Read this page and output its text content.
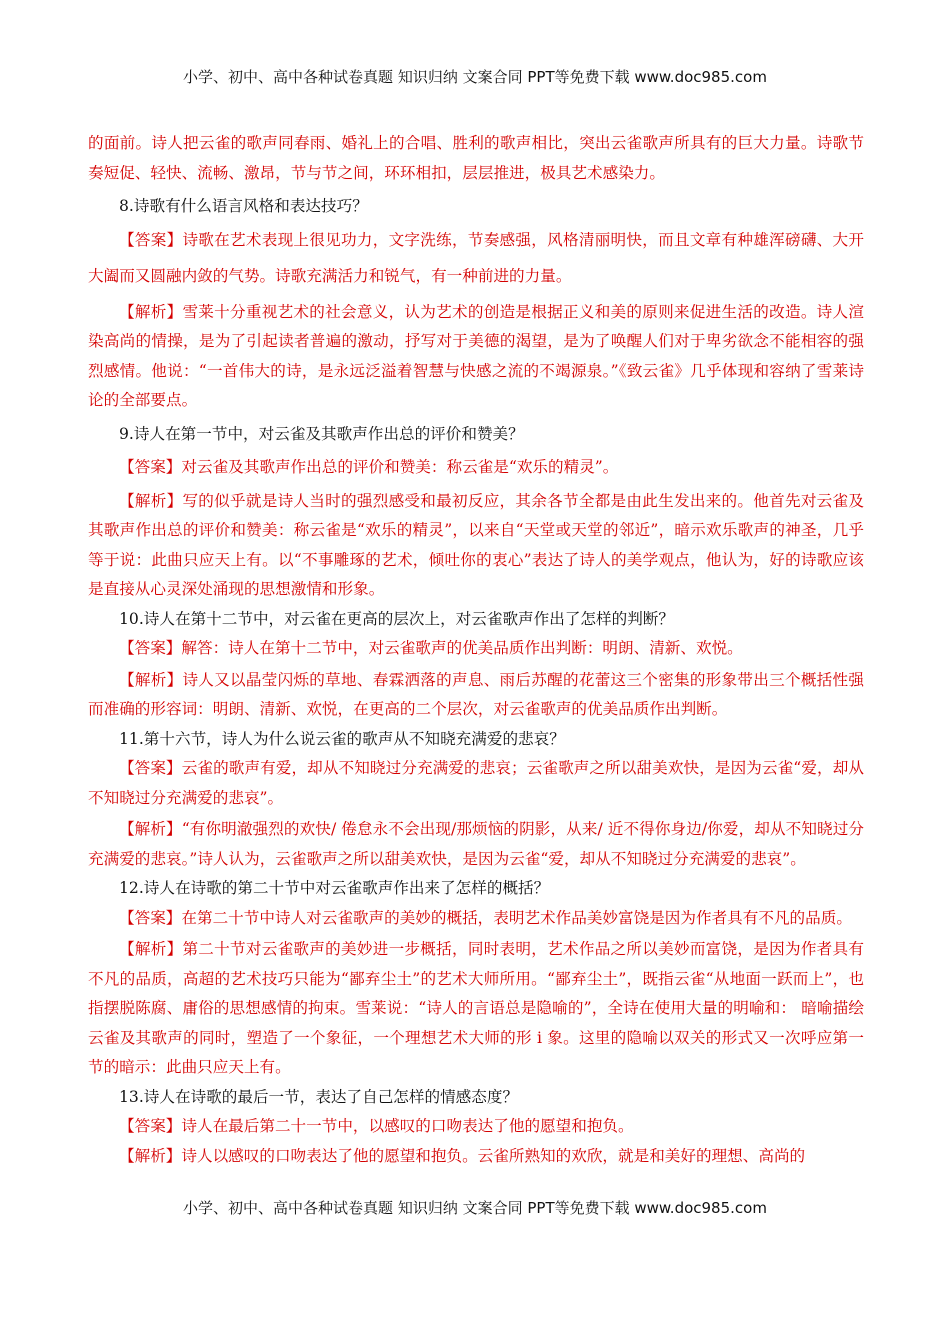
小学、初中、高中各种试卷真题 知识归纳 文案合同 PPT等免费下载 www.doc985.com

的面前。诗人把云雀的歌声同春雨、婚礼上的合唱、胜利的歌声相比，突出云雀歌声所具有的巨大力量。诗歌节奏短促、轻快、流畅、激昂，节与节之间，环环相扣，层层推进，极具艺术感染力。

8.诗歌有什么语言风格和表达技巧？

【答案】诗歌在艺术表现上很见功力，文字洗练，节奏感强，风格清丽明快，而且文章有种雄浑磅礴、大开大阖而又圆融内敛的气势。诗歌充满活力和锐气，有一种前进的力量。

【解析】雪莱十分重视艺术的社会意义，认为艺术的创造是根据正义和美的原则来促进生活的改造。诗人渲染高尚的情操，是为了引起读者普遍的激动，抒写对于美德的渴望，是为了唤醒人们对于卑劣欲念不能相容的强烈感情。他说：“一首伟大的诗，是永远泛溢着智慧与快感之流的不竭源泉。”《致云雀》几乎体现和容纳了雪莱诗论的全部要点。

9.诗人在第一节中，对云雀及其歌声作出总的评价和赞美？

【答案】对云雀及其歌声作出总的评价和赞美：称云雀是“欢乐的精灵”。

【解析】写的似乎就是诗人当时的强烈感受和最初反应，其余各节全都是由此生发出来的。他首先对云雀及其歌声作出总的评价和赞美：称云雀是“欢乐的精灵”，以来自“天堂或天堂的邻近”，暗示欢乐歌声的神圣，几乎等于说：此曲只应天上有。以“不事雕琢的艺术，倾吐你的衷心”表达了诗人的美学观点，他认为，好的诗歌应该是直接从心灵深处涌现的思想激情和形象。

10.诗人在第十二节中，对云雀在更高的层次上，对云雀歌声作出了怎样的判断？

【答案】解答：诗人在第十二节中，对云雀歌声的优美品质作出判断：明朗、清新、欢悦。

【解析】诗人又以晶莹闪烁的草地、春霖洒落的声息、雨后苏醒的花蕾这三个密集的形象带出三个概括性强而准确的形容词：明朗、清新、欢悦，在更高的二个层次，对云雀歌声的优美品质作出判断。

11.第十六节，诗人为什么说云雀的歌声从不知晓充满爱的悲哀？

【答案】云雀的歌声有爱，却从不知晓过分充满爱的悲哀；云雀歌声之所以甜美欢快，是因为云雀“爱，却从不知晓过分充满爱的悲哀”。

【解析】“有你明澈强烈的欢快/ 倦怠永不会出现/那烦恼的阴影，从来/ 近不得你身边/你爱，却从不知晓过分充满爱的悲哀。”诗人认为，云雀歌声之所以甜美欢快，是因为云雀“爱，却从不知晓过分充满爱的悲哀”。

12.诗人在诗歌的第二十节中对云雀歌声作出来了怎样的概括？

【答案】在第二十节中诗人对云雀歌声的美妙的概括，表明艺术作品美妙富饶是因为作者具有不凡的品质。

【解析】第二十节对云雀歌声的美妙进一步概括，同时表明，艺术作品之所以美妙而富饶，是因为作者具有不凡的品质，高超的艺术技巧只能为“鄙弃尘土”的艺术大师所用。“鄙弃尘土”，既指云雀“从地面一跃而上”，也指摆脱陈腐、庸俗的思想感情的拘束。雪莱说：“诗人的言语总是隐喻的”，全诗在使用大量的明喻和： 暗喻描绘云雀及其歌声的同时，塑造了一个象征，一个理想艺术大师的形 i 象。这里的隐喻以双关的形式又一次呼应第一节的暗示：此曲只应天上有。

13.诗人在诗歌的最后一节，表达了自己怎样的情感态度？

【答案】诗人在最后第二十一节中，以感叹的口吻表达了他的愿望和抱负。

【解析】诗人以感叹的口吻表达了他的愿望和抱负。云雀所熟知的欢欣，就是和美好的理想、高尚的

小学、初中、高中各种试卷真题 知识归纳 文案合同 PPT等免费下载 www.doc985.com
